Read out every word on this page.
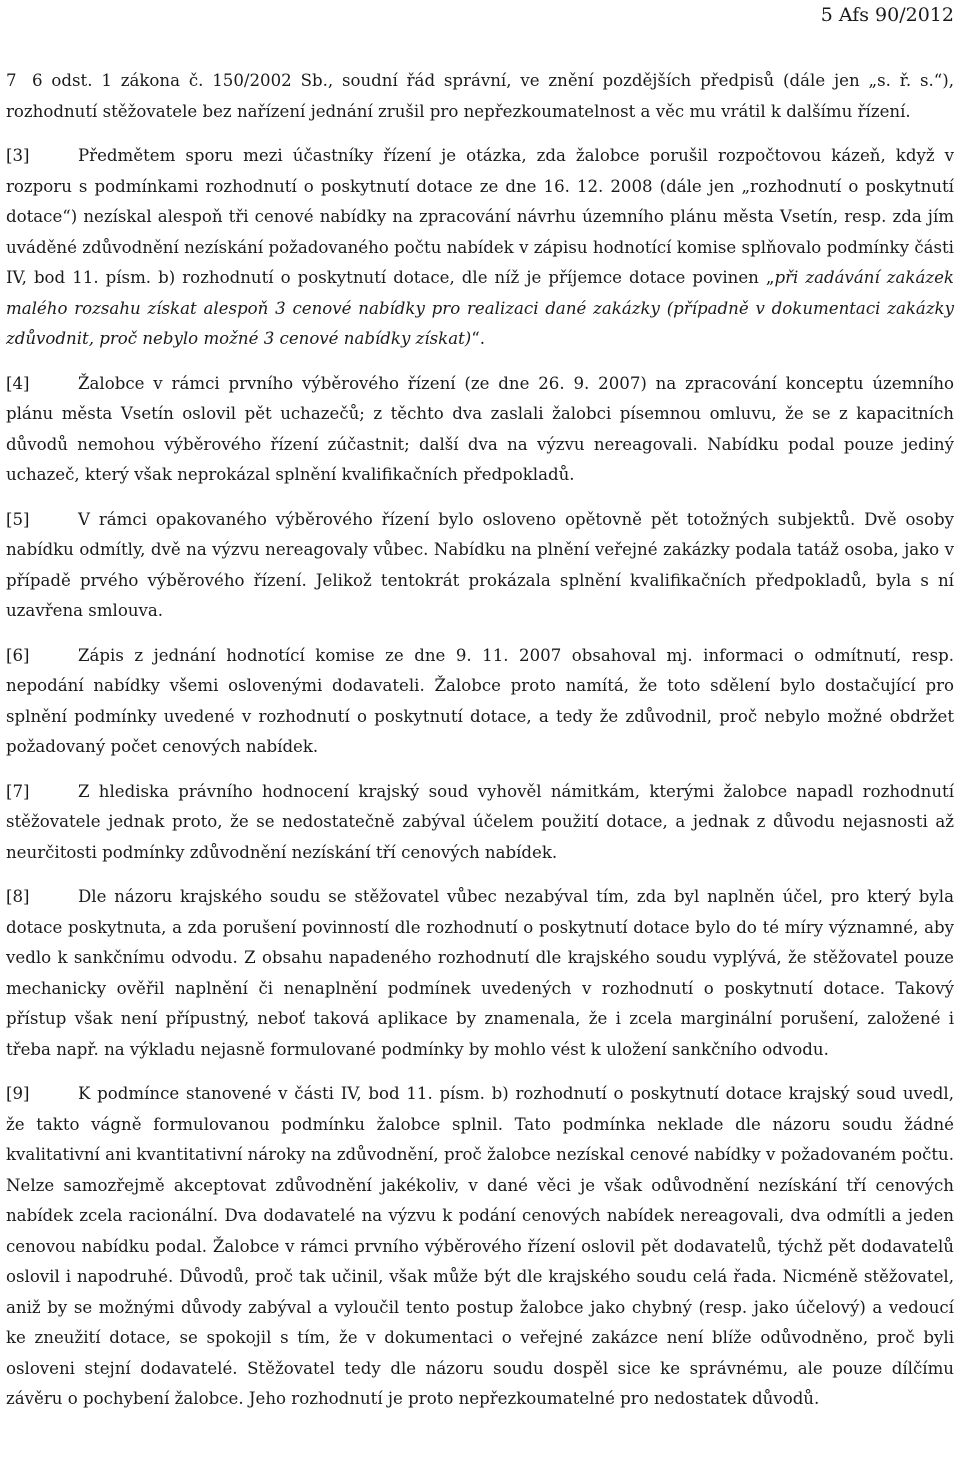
5 Afs 90/2012

7 6 odst. 1 zákona č. 150/2002 Sb., soudní řád správní, ve znění pozdějších předpisů (dále jen „s. ř. s.“), rozhodnutí stěžovatele bez nařízení jednání zrušil pro nepřezkoumatelnost a věc mu vrátil k dalšímu řízení.

[3]	Předmětem sporu mezi účastníky řízení je otázka, zda žalobce porušil rozpočtovou kázeň, když v rozporu s podmínkami rozhodnutí o poskytnutí dotace ze dne 16. 12. 2008 (dále jen „rozhodnutí o poskytnutí dotace“) nezískal alespoň tři cenové nabídky na zpracování návrhu územního plánu města Vsetín, resp. zda jím uváděné zdůvodnění nezískání požadovaného počtu nabídek v zápisu hodnotící komise splňovalo podmínky části IV, bod 11. písm. b) rozhodnutí o poskytnutí dotace, dle níž je příjemce dotace povinen „při zadávání zakázek malého rozsahu získat alespoň 3 cenové nabídky pro realizaci dané zakázky (případně v dokumentaci zakázky zdůvodnit, proč nebylo možné 3 cenové nabídky získat)“.

[4]	Žalobce v rámci prvního výběrového řízení (ze dne 26. 9. 2007) na zpracování konceptu územního plánu města Vsetín oslovil pět uchazečů; z těchto dva zaslali žalobci písemnou omluvu, že se z kapacitních důvodů nemohou výběrového řízení zúčastnit; další dva na výzvu nereagovali. Nabídku podal pouze jediný uchazeč, který však neprokázal splnění kvalifikačních předpokladů.

[5]	V rámci opakovaného výběrového řízení bylo osloveno opětovně pět totožných subjektů. Dvě osoby nabídku odmítly, dvě na výzvu nereagovaly vůbec. Nabídku na plnění veřejné zakázky podala tatáž osoba, jako v případě prvého výběrového řízení. Jelikož tentokrát prokázala splnění kvalifikačních předpokladů, byla s ní uzavřena smlouva.

[6]	Zápis z jednání hodnotící komise ze dne 9. 11. 2007 obsahoval mj. informaci o odmítnutí, resp. nepodání nabídky všemi oslovenými dodavateli. Žalobce proto namítá, že toto sdělení bylo dostačující pro splnění podmínky uvedené v rozhodnutí o poskytnutí dotace, a tedy že zdůvodnil, proč nebylo možné obdržet požadovaný počet cenových nabídek.

[7]	Z hlediska právního hodnocení krajský soud vyhověl námitkám, kterými žalobce napadl rozhodnutí stěžovatele jednak proto, že se nedostatečně zabýval účelem použití dotace, a jednak z důvodu nejasnosti až neurčitosti podmínky zdůvodnění nezískání tří cenových nabídek.

[8]	Dle názoru krajského soudu se stěžovatel vůbec nezabýval tím, zda byl naplněn účel, pro který byla dotace poskytnuta, a zda porušení povinností dle rozhodnutí o poskytnutí dotace bylo do té míry významné, aby vedlo k sankčnímu odvodu. Z obsahu napadeného rozhodnutí dle krajského soudu vyplývá, že stěžovatel pouze mechanicky ověřil naplnění či nenaplnění podmínek uvedených v rozhodnutí o poskytnutí dotace. Takový přístup však není přípustný, neboť taková aplikace by znamenala, že i zcela marginální porušení, založené i třeba např. na výkladu nejasně formulované podmínky by mohlo vést k uložení sankčního odvodu.

[9]	K podmínce stanovené v části IV, bod 11. písm. b) rozhodnutí o poskytnutí dotace krajský soud uvedl, že takto vágně formulovanou podmínku žalobce splnil. Tato podmínka neklade dle názoru soudu žádné kvalitativní ani kvantitativní nároky na zdůvodnění, proč žalobce nezískal cenové nabídky v požadovaném počtu. Nelze samozřejmě akceptovat zdůvodnění jakékoliv, v dané věci je však odůvodnění nezískání tří cenových nabídek zcela racionální. Dva dodavatelé na výzvu k podání cenových nabídek nereagovali, dva odmítli a jeden cenovou nabídku podal. Žalobce v rámci prvního výběrového řízení oslovil pět dodavatelů, týchž pět dodavatelů oslovil i napodruhé. Důvodů, proč tak učinil, však může být dle krajského soudu celá řada. Nicméně stěžovatel, aniž by se možnými důvody zabýval a vyloučil tento postup žalobce jako chybný (resp. jako účelový) a vedoucí ke zneužití dotace, se spokojil s tím, že v dokumentaci o veřejné zakázce není blíže odůvodněno, proč byli osloveni stejní dodavatelé. Stěžovatel tedy dle názoru soudu dospěl sice ke správnému, ale pouze dílčímu závěru o pochybení žalobce. Jeho rozhodnutí je proto nepřezkoumatelné pro nedostatek důvodů.
